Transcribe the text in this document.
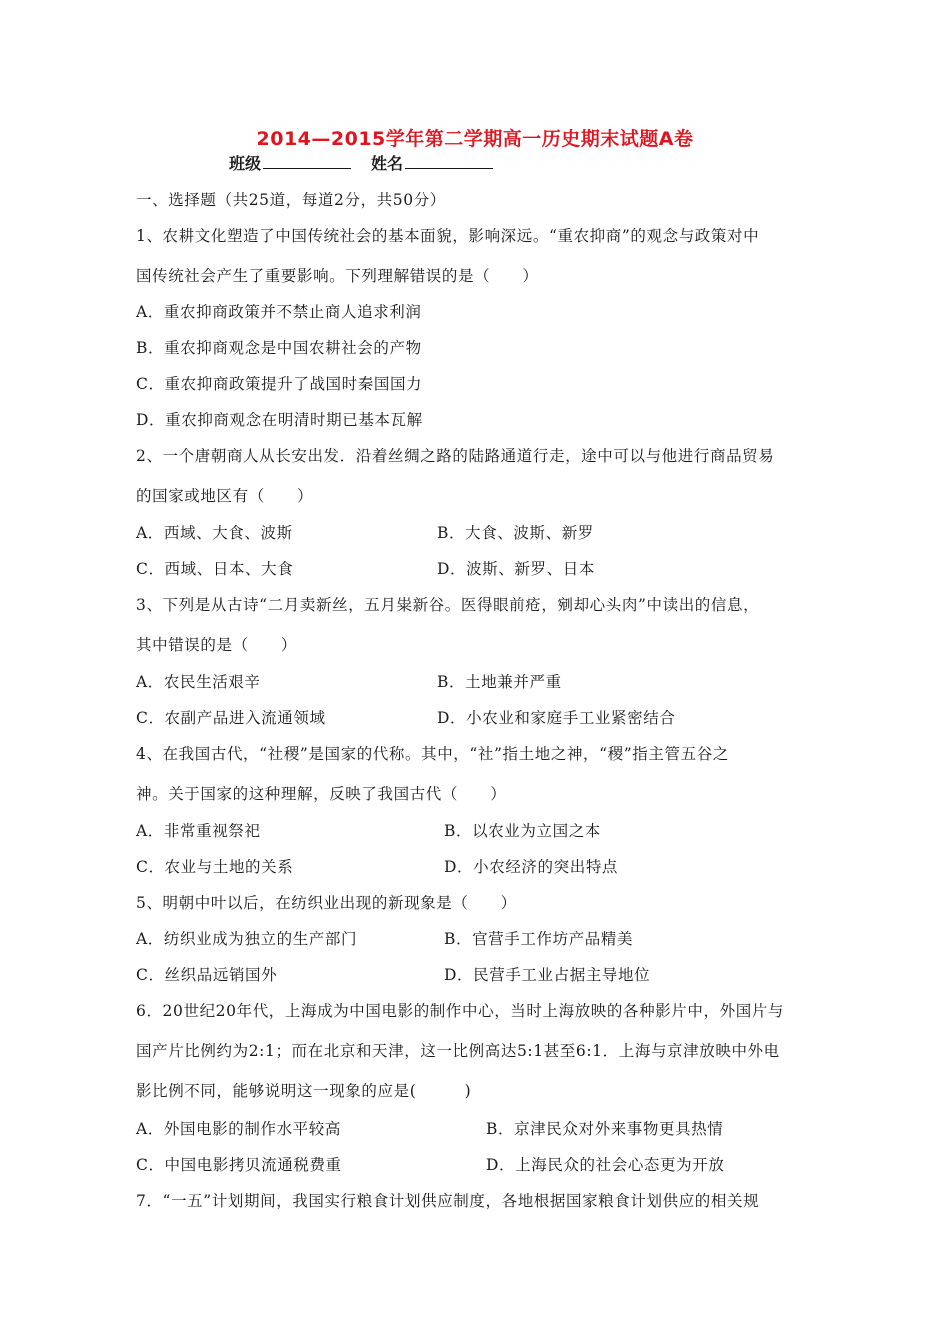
2014—2015学年第二学期高一历史期末试题A卷
班级	姓名
一、选择题（共25道，每道2分，共50分）
1、农耕文化塑造了中国传统社会的基本面貌，影响深远。“重农抑商”的观念与政策对中
国传统社会产生了重要影响。下列理解错误的是（　　）
A．重农抑商政策并不禁止商人追求利润
B．重农抑商观念是中国农耕社会的产物
C．重农抑商政策提升了战国时秦国国力
D．重农抑商观念在明清时期已基本瓦解
2、一个唐朝商人从长安出发．沿着丝绸之路的陆路通道行走，途中可以与他进行商品贸易
的国家或地区有（　　）
A．西域、大食、波斯	B．大食、波斯、新罗
C．西域、日本、大食	D．波斯、新罗、日本
3、下列是从古诗“二月卖新丝，五月粜新谷。医得眼前疮，剜却心头肉”中读出的信息，
其中错误的是（　　）
A．农民生活艰辛	B．土地兼并严重
C．农副产品进入流通领域	D．小农业和家庭手工业紧密结合
4、在我国古代，“社稷”是国家的代称。其中，“社”指土地之神，“稷”指主管五谷之
神。关于国家的这种理解，反映了我国古代（　　）
A．非常重视祭祀	B．以农业为立国之本
C．农业与土地的关系	D．小农经济的突出特点
5、明朝中叶以后，在纺织业出现的新现象是（　　）
A．纺织业成为独立的生产部门	B．官营手工作坊产品精美
C．丝织品远销国外	D．民营手工业占据主导地位
6．20世纪20年代，上海成为中国电影的制作中心，当时上海放映的各种影片中，外国片与
国产片比例约为2:1；而在北京和天津，这一比例高达5:1甚至6:1．上海与京津放映中外电
影比例不同，能够说明这一现象的应是(　　　)
A．外国电影的制作水平较高	B．京津民众对外来事物更具热情
C．中国电影拷贝流通税费重	D．上海民众的社会心态更为开放
7．“一五”计划期间，我国实行粮食计划供应制度，各地根据国家粮食计划供应的相关规
